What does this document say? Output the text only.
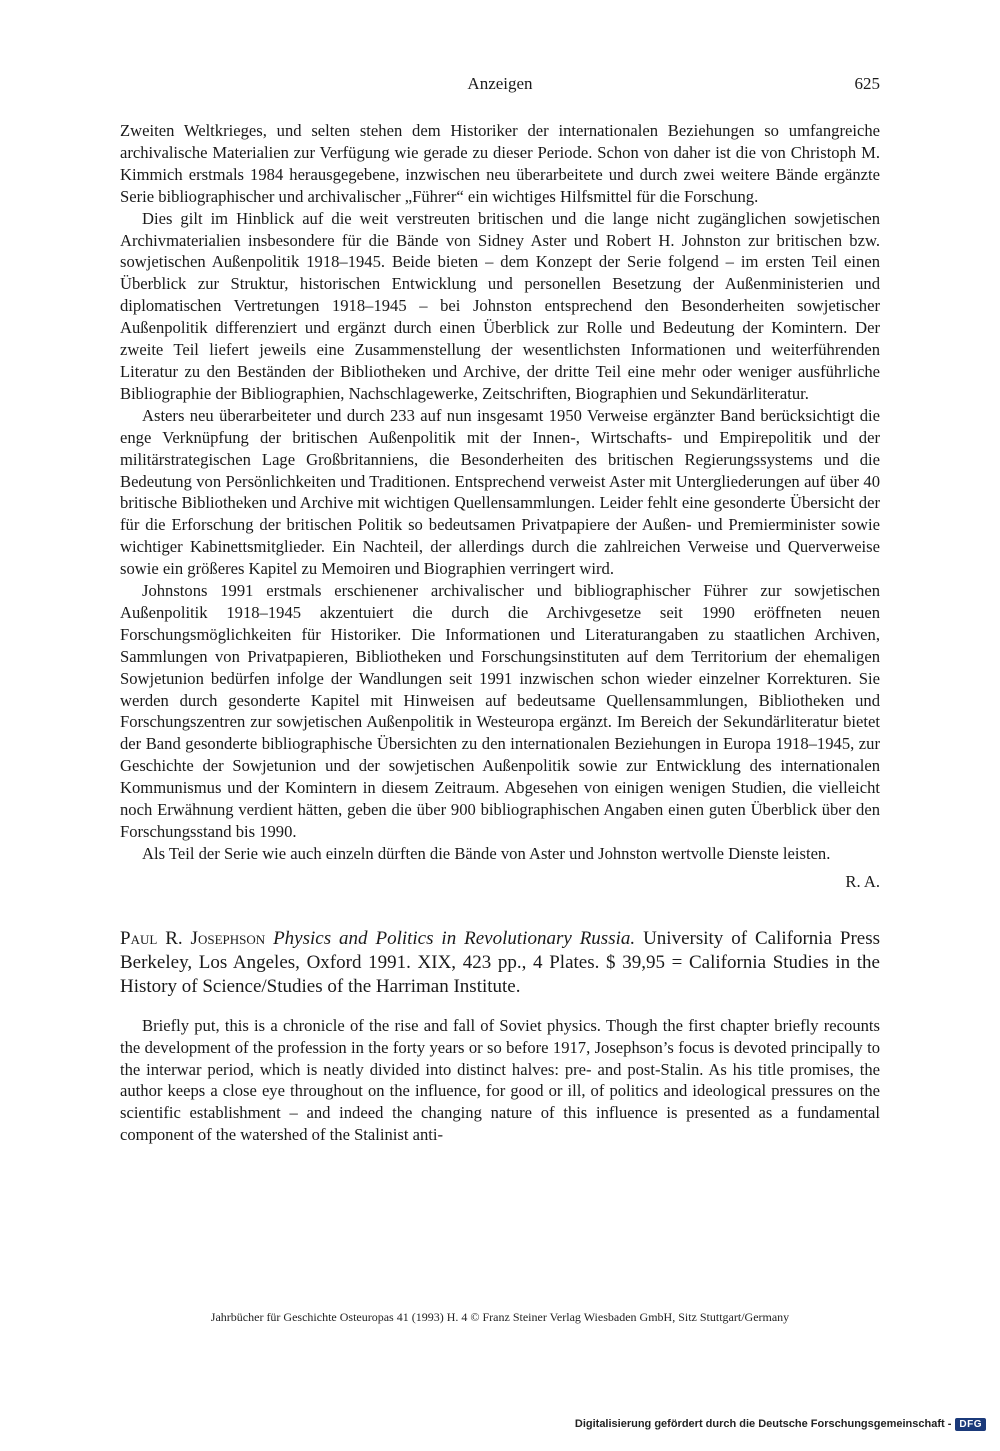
Anzeigen	625

Zweiten Weltkrieges, und selten stehen dem Historiker der internationalen Beziehungen so umfangreiche archivalische Materialien zur Verfügung wie gerade zu dieser Periode. Schon von daher ist die von Christoph M. Kimmich erstmals 1984 herausgegebene, inzwischen neu überarbeitete und durch zwei weitere Bände ergänzte Serie bibliographischer und archivalischer „Führer“ ein wichtiges Hilfsmittel für die Forschung.

Dies gilt im Hinblick auf die weit verstreuten britischen und die lange nicht zugänglichen sowjetischen Archivmaterialien insbesondere für die Bände von Sidney Aster und Robert H. Johnston zur britischen bzw. sowjetischen Außenpolitik 1918–1945. Beide bieten – dem Konzept der Serie folgend – im ersten Teil einen Überblick zur Struktur, historischen Entwicklung und personellen Besetzung der Außenministerien und diplomatischen Vertretungen 1918–1945 – bei Johnston entsprechend den Besonderheiten sowjetischer Außenpolitik differenziert und ergänzt durch einen Überblick zur Rolle und Bedeutung der Komintern. Der zweite Teil liefert jeweils eine Zusammenstellung der wesentlichsten Informationen und weiterführenden Literatur zu den Beständen der Bibliotheken und Archive, der dritte Teil eine mehr oder weniger ausführliche Bibliographie der Bibliographien, Nachschlagewerke, Zeitschriften, Biographien und Sekundärliteratur.

Asters neu überarbeiteter und durch 233 auf nun insgesamt 1950 Verweise ergänzter Band berücksichtigt die enge Verknüpfung der britischen Außenpolitik mit der Innen-, Wirtschafts- und Empirepolitik und der militärstrategischen Lage Großbritanniens, die Besonderheiten des britischen Regierungssystems und die Bedeutung von Persönlichkeiten und Traditionen. Entsprechend verweist Aster mit Untergliederungen auf über 40 britische Bibliotheken und Archive mit wichtigen Quellensammlungen. Leider fehlt eine gesonderte Übersicht der für die Erforschung der britischen Politik so bedeutsamen Privatpapiere der Außen- und Premierminister sowie wichtiger Kabinettsmitglieder. Ein Nachteil, der allerdings durch die zahlreichen Verweise und Querverweise sowie ein größeres Kapitel zu Memoiren und Biographien verringert wird.

Johnstons 1991 erstmals erschienener archivalischer und bibliographischer Führer zur sowjetischen Außenpolitik 1918–1945 akzentuiert die durch die Archivgesetze seit 1990 eröffneten neuen Forschungsmöglichkeiten für Historiker. Die Informationen und Literaturangaben zu staatlichen Archiven, Sammlungen von Privatpapieren, Bibliotheken und Forschungsinstituten auf dem Territorium der ehemaligen Sowjetunion bedürfen infolge der Wandlungen seit 1991 inzwischen schon wieder einzelner Korrekturen. Sie werden durch gesonderte Kapitel mit Hinweisen auf bedeutsame Quellensammlungen, Bibliotheken und Forschungszentren zur sowjetischen Außenpolitik in Westeuropa ergänzt. Im Bereich der Sekundärliteratur bietet der Band gesonderte bibliographische Übersichten zu den internationalen Beziehungen in Europa 1918–1945, zur Geschichte der Sowjetunion und der sowjetischen Außenpolitik sowie zur Entwicklung des internationalen Kommunismus und der Komintern in diesem Zeitraum. Abgesehen von einigen wenigen Studien, die vielleicht noch Erwähnung verdient hätten, geben die über 900 bibliographischen Angaben einen guten Überblick über den Forschungsstand bis 1990.

Als Teil der Serie wie auch einzeln dürften die Bände von Aster und Johnston wertvolle Dienste leisten.

R. A.
Paul R. Josephson Physics and Politics in Revolutionary Russia. University of California Press Berkeley, Los Angeles, Oxford 1991. XIX, 423 pp., 4 Plates. $ 39,95 = California Studies in the History of Science/Studies of the Harriman Institute.

Briefly put, this is a chronicle of the rise and fall of Soviet physics. Though the first chapter briefly recounts the development of the profession in the forty years or so before 1917, Josephson’s focus is devoted principally to the interwar period, which is neatly divided into distinct halves: pre- and post-Stalin. As his title promises, the author keeps a close eye throughout on the influence, for good or ill, of politics and ideological pressures on the scientific establishment – and indeed the changing nature of this influence is presented as a fundamental component of the watershed of the Stalinist anti-

Jahrbücher für Geschichte Osteuropas 41 (1993) H. 4 © Franz Steiner Verlag Wiesbaden GmbH, Sitz Stuttgart/Germany
Digitalisierung gefördert durch die Deutsche Forschungsgemeinschaft - DFG
